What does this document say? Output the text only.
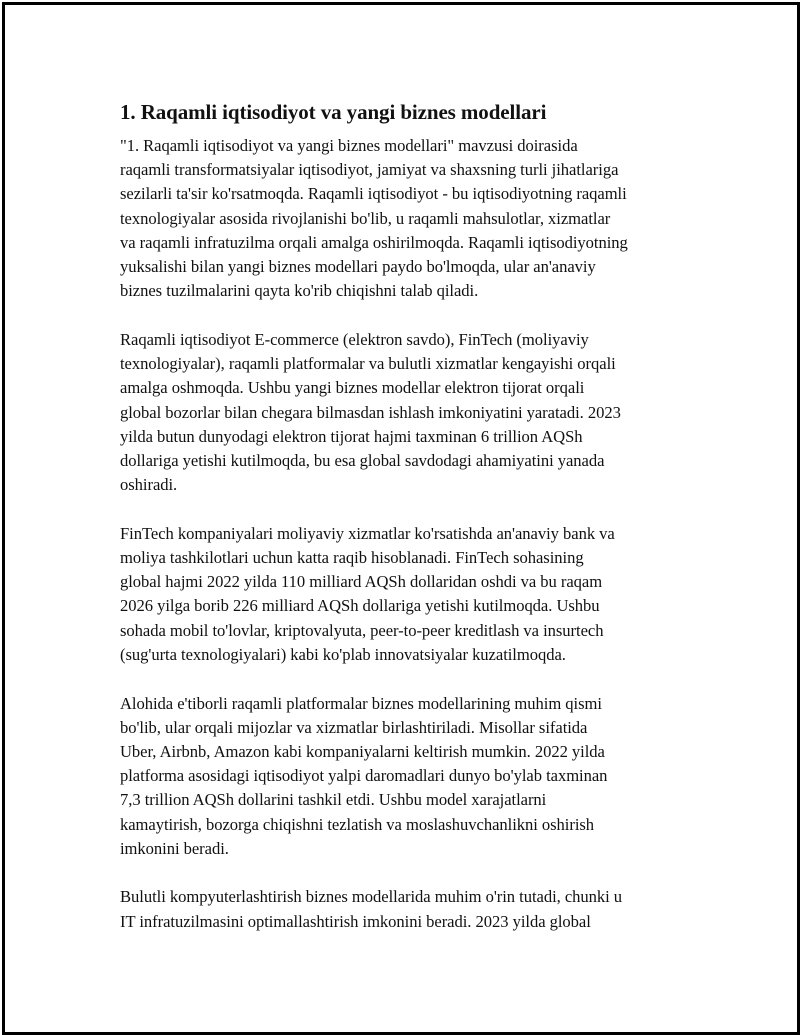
1. Raqamli iqtisodiyot va yangi biznes modellari

"1. Raqamli iqtisodiyot va yangi biznes modellari" mavzusi doirasida
raqamli transformatsiyalar iqtisodiyot, jamiyat va shaxsning turli jihatlariga
sezilarli ta'sir ko'rsatmoqda. Raqamli iqtisodiyot - bu iqtisodiyotning raqamli
texnologiyalar asosida rivojlanishi bo'lib, u raqamli mahsulotlar, xizmatlar
va raqamli infratuzilma orqali amalga oshirilmoqda. Raqamli iqtisodiyotning
yuksalishi bilan yangi biznes modellari paydo bo'lmoqda, ular an'anaviy
biznes tuzilmalarini qayta ko'rib chiqishni talab qiladi.

Raqamli iqtisodiyot E-commerce (elektron savdo), FinTech (moliyaviy
texnologiyalar), raqamli platformalar va bulutli xizmatlar kengayishi orqali
amalga oshmoqda. Ushbu yangi biznes modellar elektron tijorat orqali
global bozorlar bilan chegara bilmasdan ishlash imkoniyatini yaratadi. 2023
yilda butun dunyodagi elektron tijorat hajmi taxminan 6 trillion AQSh
dollariga yetishi kutilmoqda, bu esa global savdodagi ahamiyatini yanada
oshiradi.

FinTech kompaniyalari moliyaviy xizmatlar ko'rsatishda an'anaviy bank va
moliya tashkilotlari uchun katta raqib hisoblanadi. FinTech sohasining
global hajmi 2022 yilda 110 milliard AQSh dollaridan oshdi va bu raqam
2026 yilga borib 226 milliard AQSh dollariga yetishi kutilmoqda. Ushbu
sohada mobil to'lovlar, kriptovalyuta, peer-to-peer kreditlash va insurtech
(sug'urta texnologiyalari) kabi ko'plab innovatsiyalar kuzatilmoqda.

Alohida e'tiborli raqamli platformalar biznes modellarining muhim qismi
bo'lib, ular orqali mijozlar va xizmatlar birlashtiriladi. Misollar sifatida
Uber, Airbnb, Amazon kabi kompaniyalarni keltirish mumkin. 2022 yilda
platforma asosidagi iqtisodiyot yalpi daromadlari dunyo bo'ylab taxminan
7,3 trillion AQSh dollarini tashkil etdi. Ushbu model xarajatlarni
kamaytirish, bozorga chiqishni tezlatish va moslashuvchanlikni oshirish
imkonini beradi.

Bulutli kompyuterlashtirish biznes modellarida muhim o'rin tutadi, chunki u
IT infratuzilmasini optimallashtirish imkonini beradi. 2023 yilda global
